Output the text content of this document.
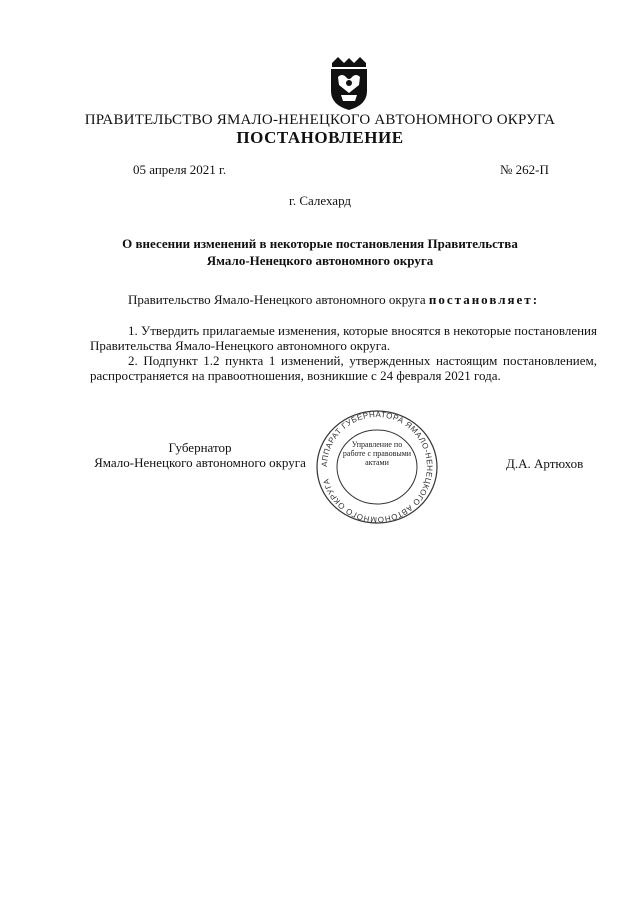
ПРАВИТЕЛЬСТВО ЯМАЛО-НЕНЕЦКОГО АВТОНОМНОГО ОКРУГА
ПОСТАНОВЛЕНИЕ
05 апреля 2021 г.	№ 262-П
г. Салехард
О внесении изменений в некоторые постановления Правительства Ямало-Ненецкого автономного округа
Правительство Ямало-Ненецкого автономного округа постановляет:
1. Утвердить прилагаемые изменения, которые вносятся в некоторые постановления Правительства Ямало-Ненецкого автономного округа.
2. Подпункт 1.2 пункта 1 изменений, утвержденных настоящим постановлением, распространяется на правоотношения, возникшие с 24 февраля 2021 года.
Губернатор
Ямало-Ненецкого автономного округа	Д.А. Артюхов
АППАРАТ ГУБЕРНАТОРА ЯМАЛО-НЕНЕЦКОГО АВТОНОМНОГО ОКРУГА
Управление по работе с правовыми актами
